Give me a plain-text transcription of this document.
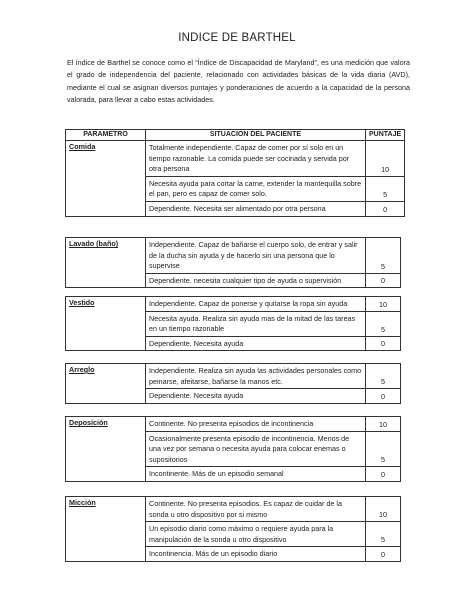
INDICE DE BARTHEL
El índice de Barthel se conoce como el “Índice de Discapacidad de Maryland”, es una medición que valora el grado de independencia del paciente, relacionado con actividades básicas de la vida diaria (AVD), mediante el cual se asignan diversos puntajes y ponderaciones de acuerdo a la capacidad de la persona valorada, para llevar a cabo estas actividades.
PARAMETRO	SITUACION DEL PACIENTE	PUNTAJE
Comida	Totalmente independiente. Capaz de comer por sí solo en un tiempo razonable. La comida puede ser cocinada y servida por otra persona	10
	Necesita ayuda para cortar la carne, extender la mantequilla sobre el pan, pero es capaz de comer solo.	5
	Dependiente. Necesita ser alimentado por otra persona	0
Lavado (baño)	Independiente. Capaz de bañarse el cuerpo solo, de entrar y salir de la ducha sin ayuda y de hacerlo sin una persona que lo supervise	5
	Dependiente. necesita cualquier tipo de ayuda o supervisión	0
Vestido	Independiente. Capaz de ponerse y quitarse la ropa sin ayuda	10
	Necesita ayuda. Realiza sin ayuda mas de la mitad de las tareas en un tiempo razonable	5
	Dependiente. Necesita ayuda	0
Arreglo	Independiente. Realiza sin ayuda las actividades personales como peinarse, afeitarse, bañarse la manos etc.	5
	Dependiente. Necesita ayuda	0
Deposición	Continente. No presenta episodios de incontinencia	10
	Ocasionalmente presenta episodio de incontinencia. Menos de una vez por semana o necesita ayuda para colocar enemas o supositorios	5
	Incontinente. Más de un episodio semanal	0
Micción	Continente. No presenta episodios. Es capaz de cuidar de la sonda u otro dispositivo por si mismo	10
	Un episodio diario como máximo o requiere ayuda para la manipulación de la sonda u otro dispositivo	5
	Incontinencia. Más de un episodio diario	0
